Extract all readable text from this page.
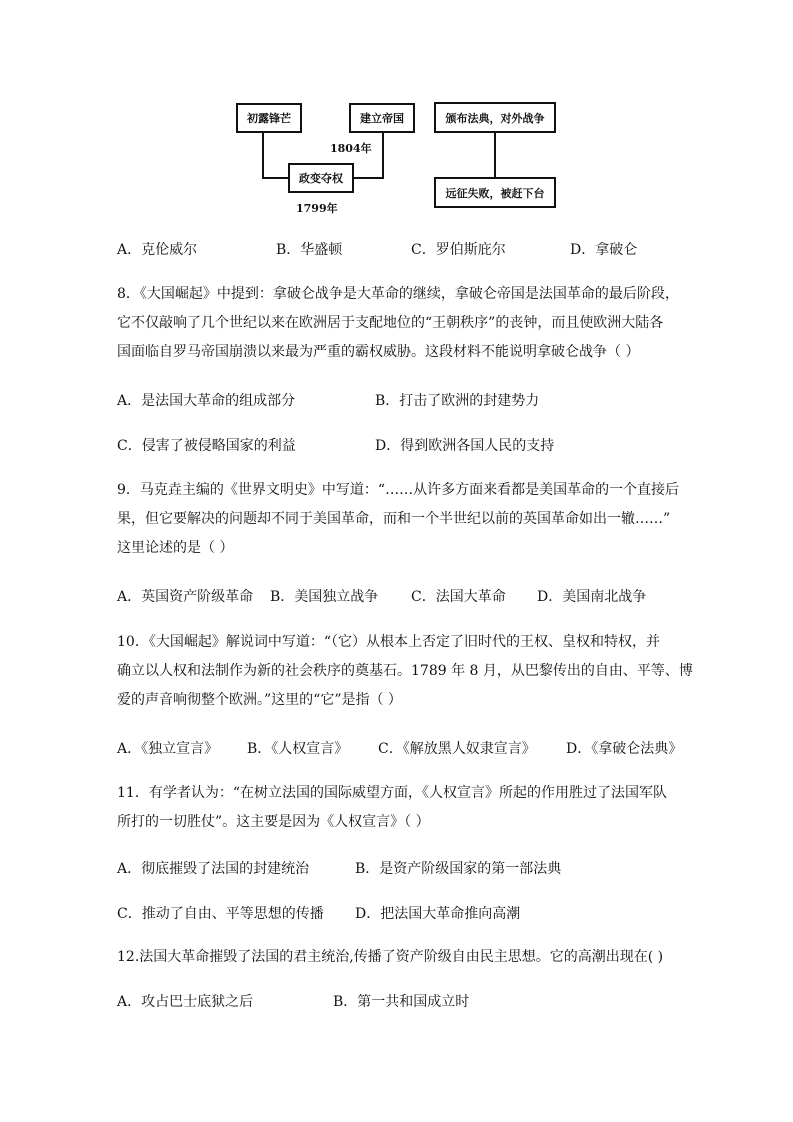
初露锋芒	建立帝国
政变夺权
颁布法典，对外战争
远征失败，被赶下台
1804年
1799年
A．克伦威尔	B．华盛顿	C．罗伯斯庇尔	D．拿破仑
8．《大国崛起》中提到：拿破仑战争是大革命的继续，拿破仑帝国是法国革命的最后阶段，
它不仅敲响了几个世纪以来在欧洲居于支配地位的“王朝秩序”的丧钟，而且使欧洲大陆各
国面临自罗马帝国崩溃以来最为严重的霸权威胁。这段材料不能说明拿破仑战争（ ）
A．是法国大革命的组成部分	B．打击了欧洲的封建势力
C．侵害了被侵略国家的利益	D．得到欧洲各国人民的支持
9．马克垚主编的《世界文明史》中写道：“……从许多方面来看都是美国革命的一个直接后
果，但它要解决的问题却不同于美国革命，而和一个半世纪以前的英国革命如出一辙……”
这里论述的是（ ）
A．英国资产阶级革命 B．美国独立战争 C．法国大革命 D．美国南北战争
10．《大国崛起》解说词中写道：“（它）从根本上否定了旧时代的王权、皇权和特权，并
确立以人权和法制作为新的社会秩序的奠基石。1789 年 8 月，从巴黎传出的自由、平等、博
爱的声音响彻整个欧洲。”这里的“它”是指（ ）
A．《独立宣言》 B．《人权宣言》 C．《解放黑人奴隶宣言》 D．《拿破仑法典》
11．有学者认为：“在树立法国的国际威望方面，《人权宣言》所起的作用胜过了法国军队
所打的一切胜仗”。这主要是因为《人权宣言》（ ）
A．彻底摧毁了法国的封建统治	B．是资产阶级国家的第一部法典
C．推动了自由、平等思想的传播 D．把法国大革命推向高潮
12.法国大革命摧毁了法国的君主统治,传播了资产阶级自由民主思想。它的高潮出现在( )
A．攻占巴士底狱之后	B．第一共和国成立时
